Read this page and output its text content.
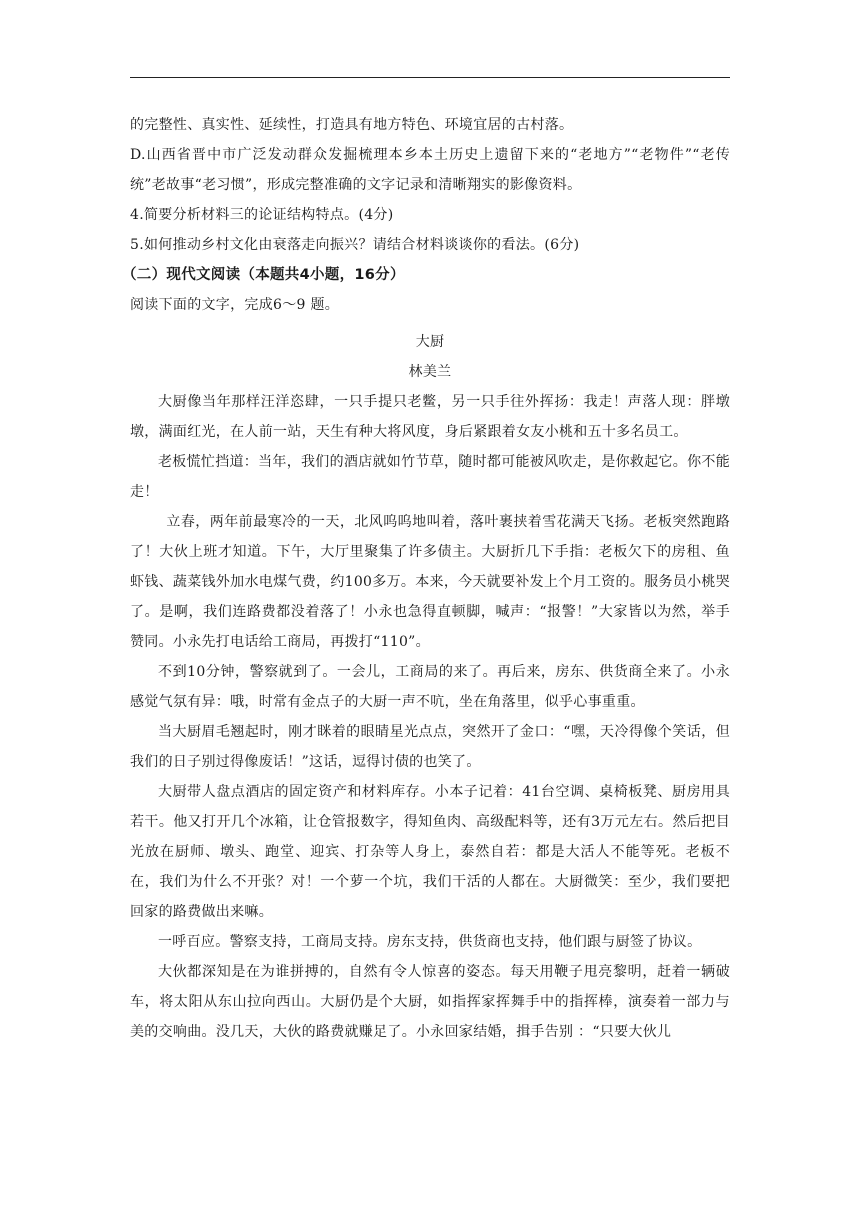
的完整性、真实性、延续性，打造具有地方特色、环境宜居的古村落。

D.山西省晋中市广泛发动群众发掘梳理本乡本土历史上遗留下来的“老地方”“老物件”“老传统”老故事“老习惯”，形成完整准确的文字记录和清晰翔实的影像资料。

4.简要分析材料三的论证结构特点。(4分)

5.如何推动乡村文化由衰落走向振兴？请结合材料谈谈你的看法。(6分)

（二）现代文阅读（本题共4小题，16分）

阅读下面的文字，完成6～9 题。

大厨

林美兰

大厨像当年那样汪洋恣肆，一只手提只老鳖，另一只手往外挥扬：我走！声落人现：胖墩墩，满面红光，在人前一站，天生有种大将风度，身后紧跟着女友小桃和五十多名员工。

老板慌忙挡道：当年，我们的酒店就如竹节草，随时都可能被风吹走，是你救起它。你不能走！

立春，两年前最寒冷的一天，北风呜呜地叫着，落叶裹挟着雪花满天飞扬。老板突然跑路了！大伙上班才知道。下午，大厅里聚集了许多债主。大厨折几下手指：老板欠下的房租、鱼虾钱、蔬菜钱外加水电煤气费，约100多万。本来，今天就要补发上个月工资的。服务员小桃哭了。是啊，我们连路费都没着落了！小永也急得直顿脚，喊声：“报警！”大家皆以为然，举手赞同。小永先打电话给工商局，再拨打“110”。

不到10分钟，警察就到了。一会儿，工商局的来了。再后来，房东、供货商全来了。小永感觉气氛有异：哦，时常有金点子的大厨一声不吭，坐在角落里，似乎心事重重。

当大厨眉毛翘起时，刚才眯着的眼睛星光点点，突然开了金口：“嘿，天冷得像个笑话，但我们的日子别过得像废话！”这话，逗得讨债的也笑了。

大厨带人盘点酒店的固定资产和材料库存。小本子记着：41台空调、桌椅板凳、厨房用具若干。他又打开几个冰箱，让仓管报数字，得知鱼肉、高级配料等，还有3万元左右。然后把目光放在厨师、墩头、跑堂、迎宾、打杂等人身上，泰然自若：都是大活人不能等死。老板不在，我们为什么不开张？对！一个萝一个坑，我们干活的人都在。大厨微笑：至少，我们要把回家的路费做出来嘛。

一呼百应。警察支持，工商局支持。房东支持，供货商也支持，他们跟与厨签了协议。

大伙都深知是在为谁拼搏的，自然有令人惊喜的姿态。每天用鞭子甩亮黎明，赶着一辆破车，将太阳从东山拉向西山。大厨仍是个大厨，如指挥家挥舞手中的指挥棒，演奏着一部力与美的交响曲。没几天，大伙的路费就赚足了。小永回家结婚，揖手告别 ：“只要大伙儿
